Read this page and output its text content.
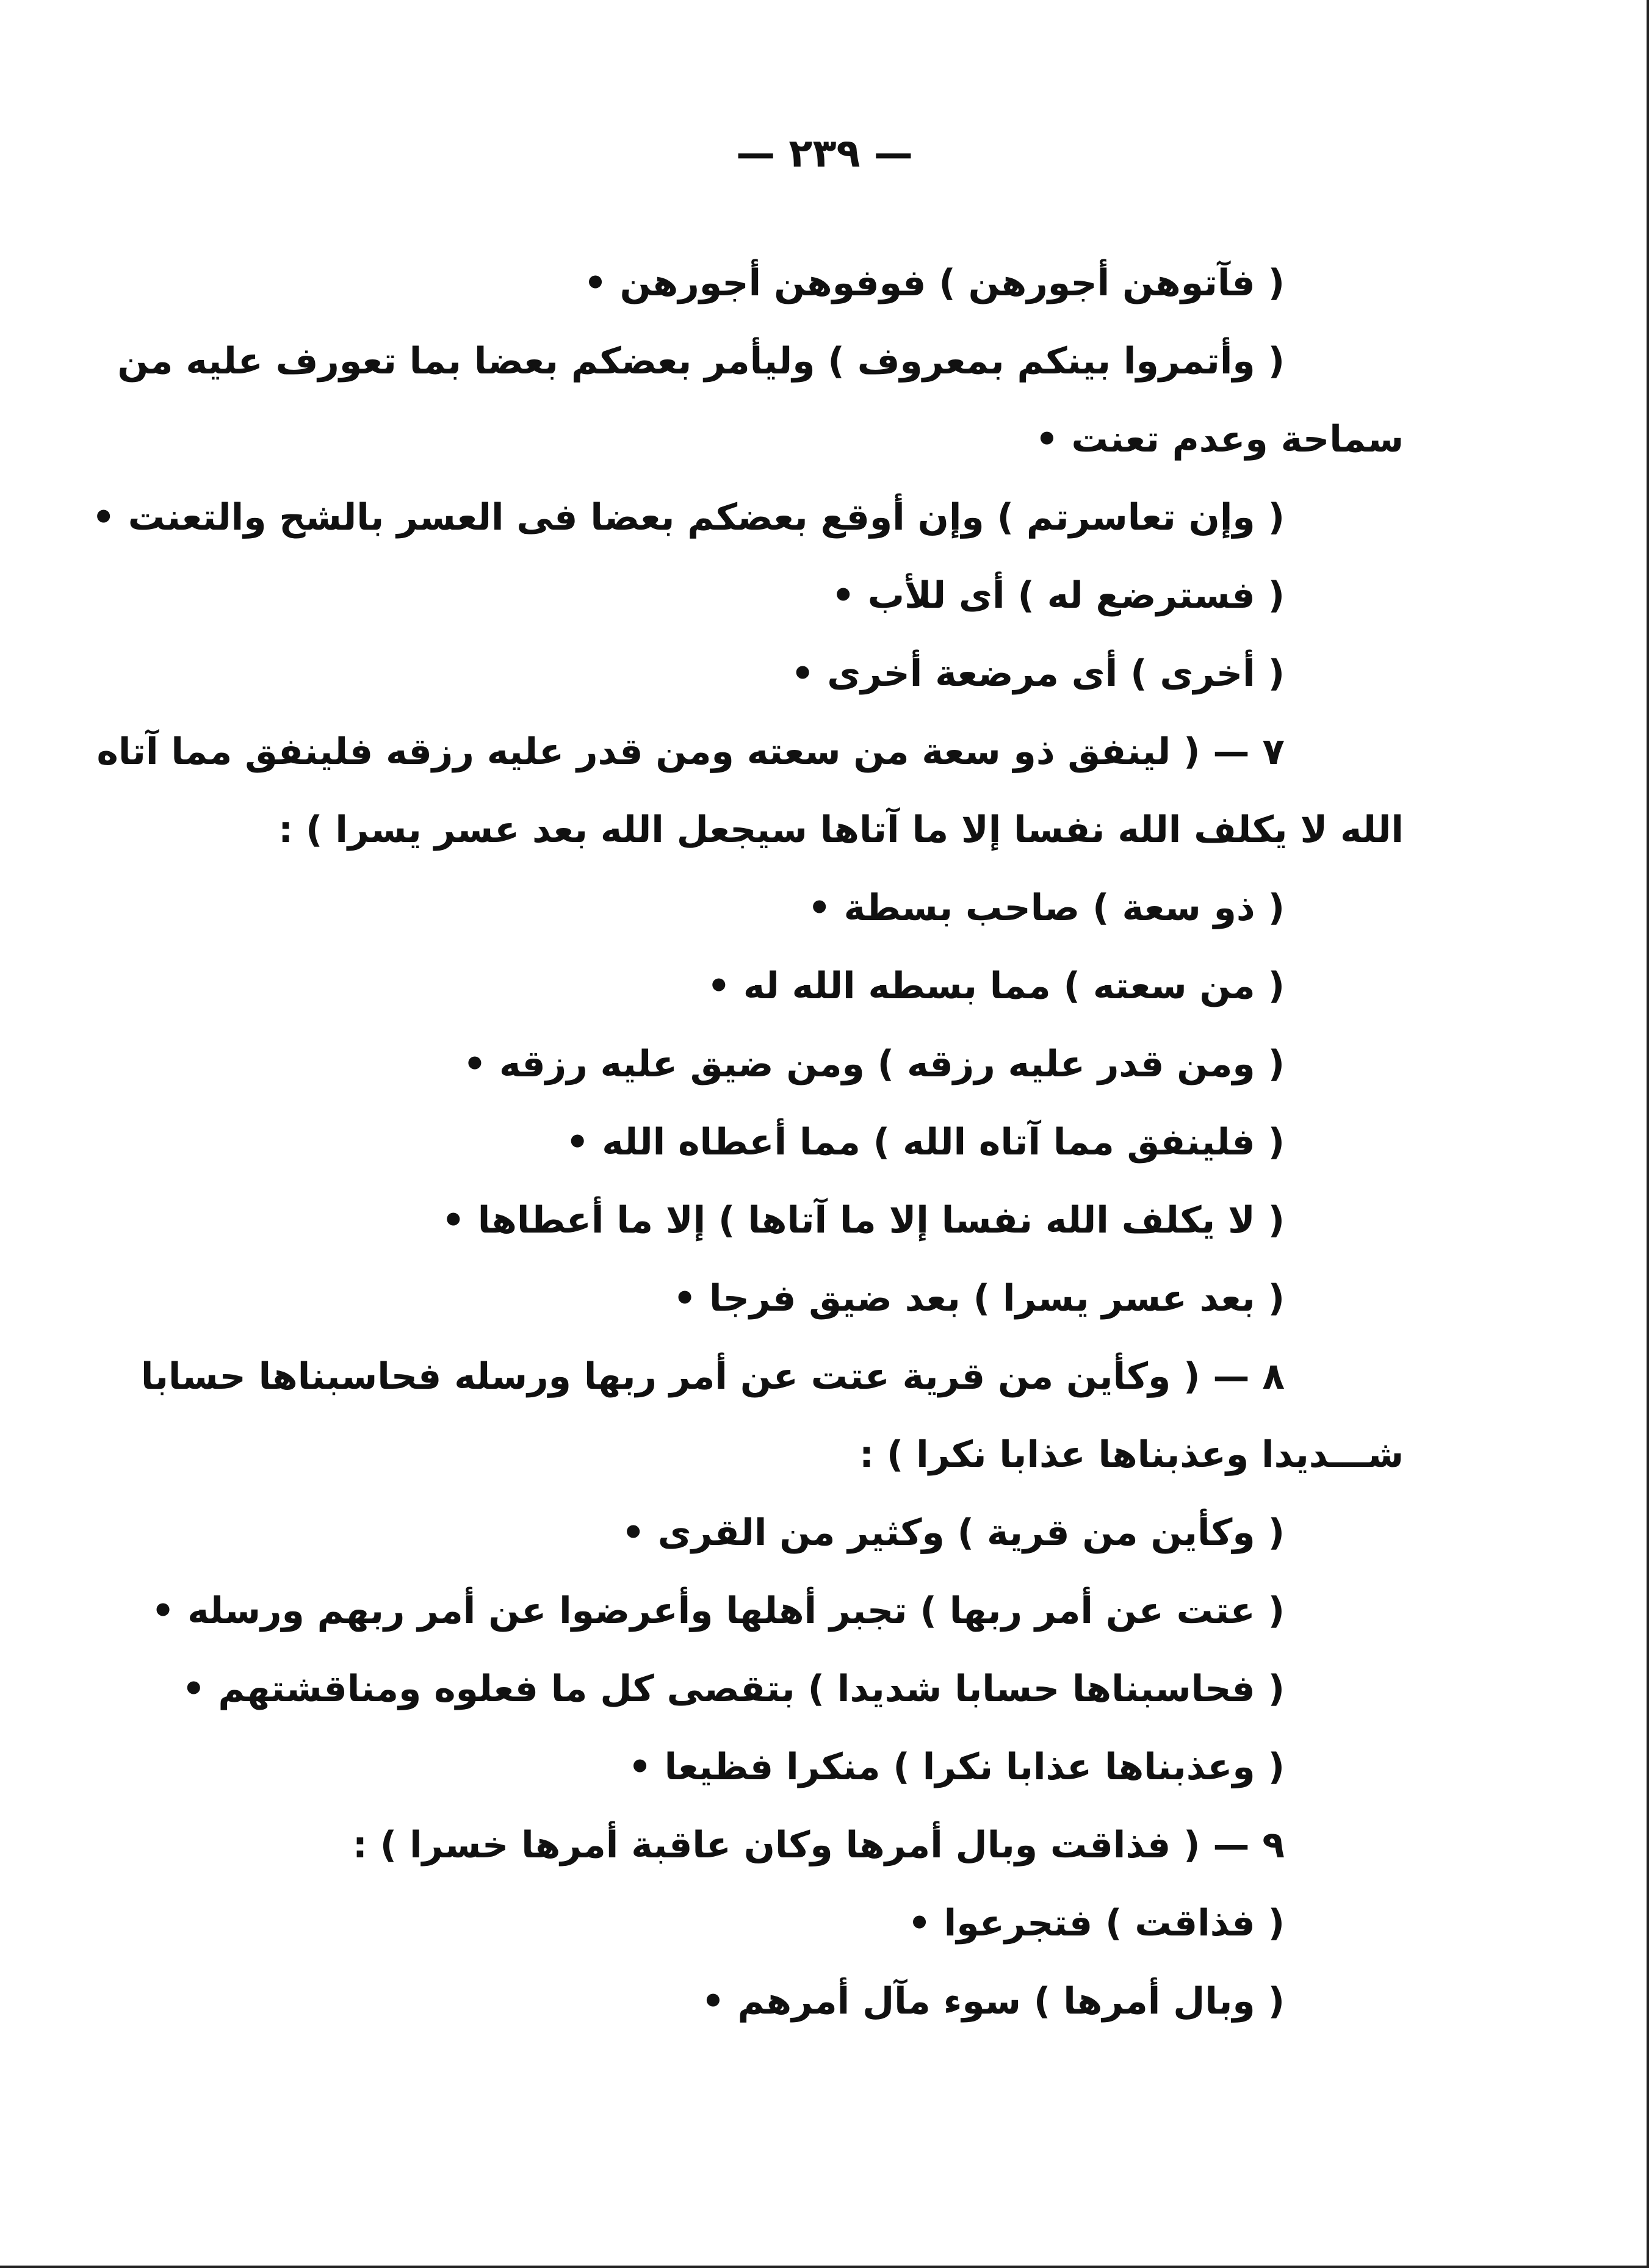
— ٢٣٩ —
( فآتوهن أجورهن ) فوفوهن أجورهن •
( وأتمروا بينكم بمعروف ) وليأمر بعضكم بعضا بما تعورف عليه من
سماحة وعدم تعنت •
( وإن تعاسرتم ) وإن أوقع بعضكم بعضا فى العسر بالشح والتعنت •
( فسترضع له ) أى للأب •
( أخرى ) أى مرضعة أخرى •
٧ — ( لينفق ذو سعة من سعته ومن قدر عليه رزقه فلينفق مما آتاه
الله لا يكلف الله نفسا إلا ما آتاها سيجعل الله بعد عسر يسرا ) :
( ذو سعة ) صاحب بسطة •
( من سعته ) مما بسطه الله له •
( ومن قدر عليه رزقه ) ومن ضيق عليه رزقه •
( فلينفق مما آتاه الله ) مما أعطاه الله •
( لا يكلف الله نفسا إلا ما آتاها ) إلا ما أعطاها •
( بعد عسر يسرا ) بعد ضيق فرجا •
٨ — ( وكأين من قرية عتت عن أمر ربها ورسله فحاسبناها حسابا
شـــديدا وعذبناها عذابا نكرا ) :
( وكأين من قرية ) وكثير من القرى •
( عتت عن أمر ربها ) تجبر أهلها وأعرضوا عن أمر ربهم ورسله •
( فحاسبناها حسابا شديدا ) بتقصى كل ما فعلوه ومناقشتهم •
( وعذبناها عذابا نكرا ) منكرا فظيعا •
٩ — ( فذاقت وبال أمرها وكان عاقبة أمرها خسرا ) :
( فذاقت ) فتجرعوا •
( وبال أمرها ) سوء مآل أمرهم •
